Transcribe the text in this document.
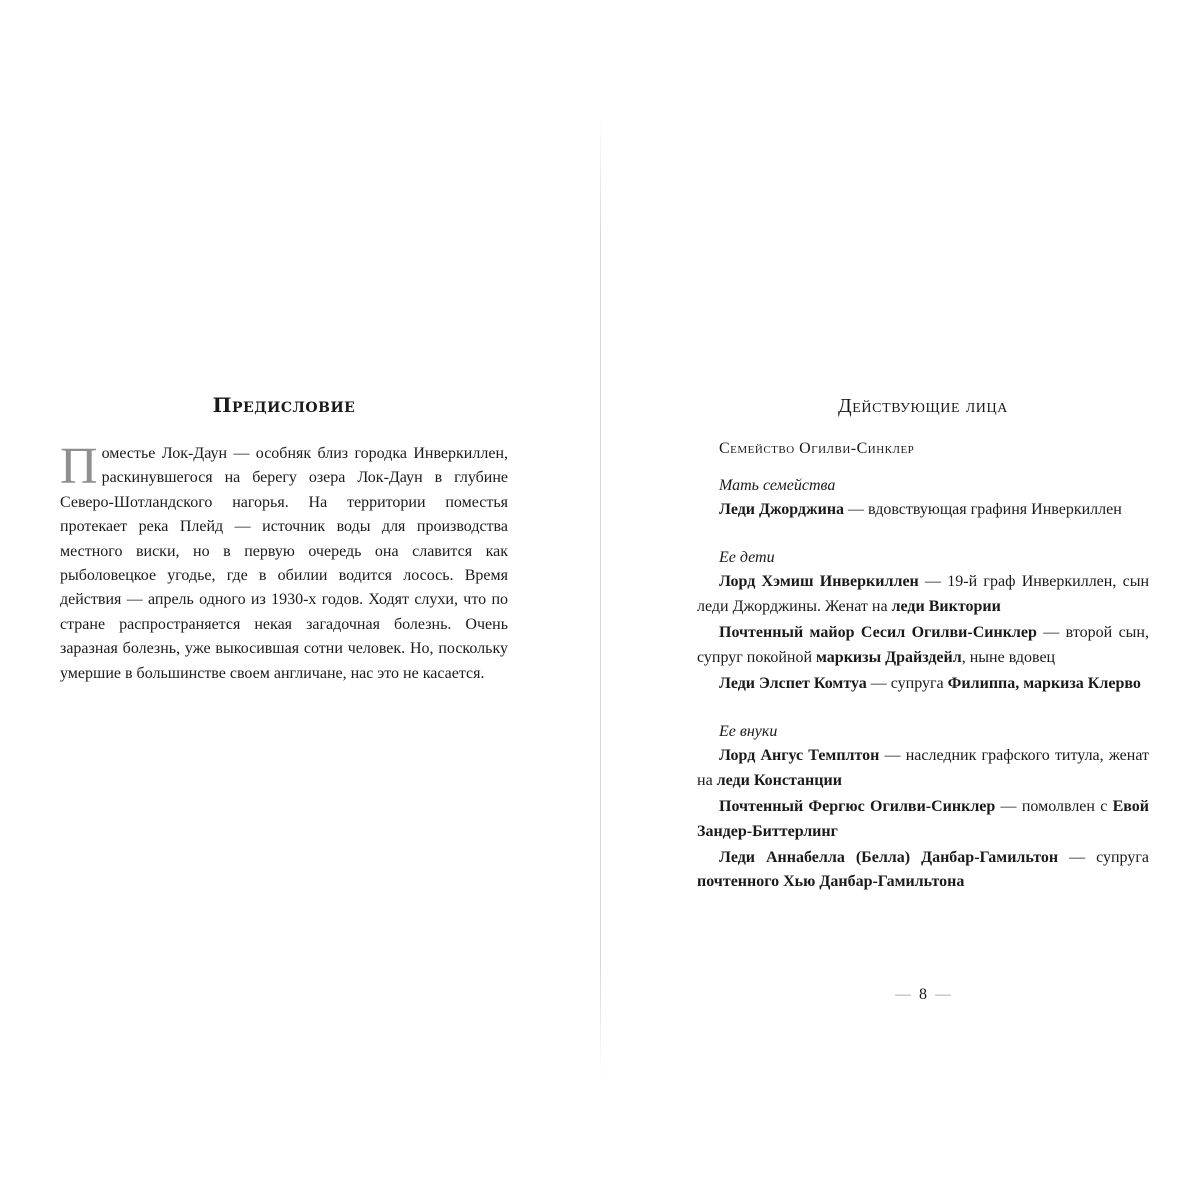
Предисловие

Поместье Лок-Даун — особняк близ городка Инверкиллен, раскинувшегося на берегу озера Лок-Даун в глубине Северо-Шотландского нагорья. На территории поместья протекает река Плейд — источник воды для производства местного виски, но в первую очередь она славится как рыболовецкое угодье, где в обилии водится лосось. Время действия — апрель одного из 1930-х годов. Ходят слухи, что по стране распространяется некая загадочная болезнь. Очень заразная болезнь, уже выкосившая сотни человек. Но, поскольку умершие в большинстве своем англичане, нас это не касается.

Действующие лица
Семейство Огилви-Синклер
Мать семейства

Леди Джорджина — вдовствующая графиня Инверкиллен

Ее дети

Лорд Хэмиш Инверкиллен — 19-й граф Инверкиллен, сын леди Джорджины. Женат на леди Виктории

Почтенный майор Сесил Огилви-Синклер — второй сын, супруг покойной маркизы Драйздейл, ныне вдовец

Леди Элспет Комтуа — супруга Филиппа, маркиза Клерво

Ее внуки

Лорд Ангус Темплтон — наследник графского титула, женат на леди Констанции

Почтенный Фергюс Огилви-Синклер — помолвлен с Евой Зандер-Биттерлинг

Леди Аннабелла (Белла) Данбар-Гамильтон — супруга почтенного Хью Данбар-Гамильтона

— 8 —
